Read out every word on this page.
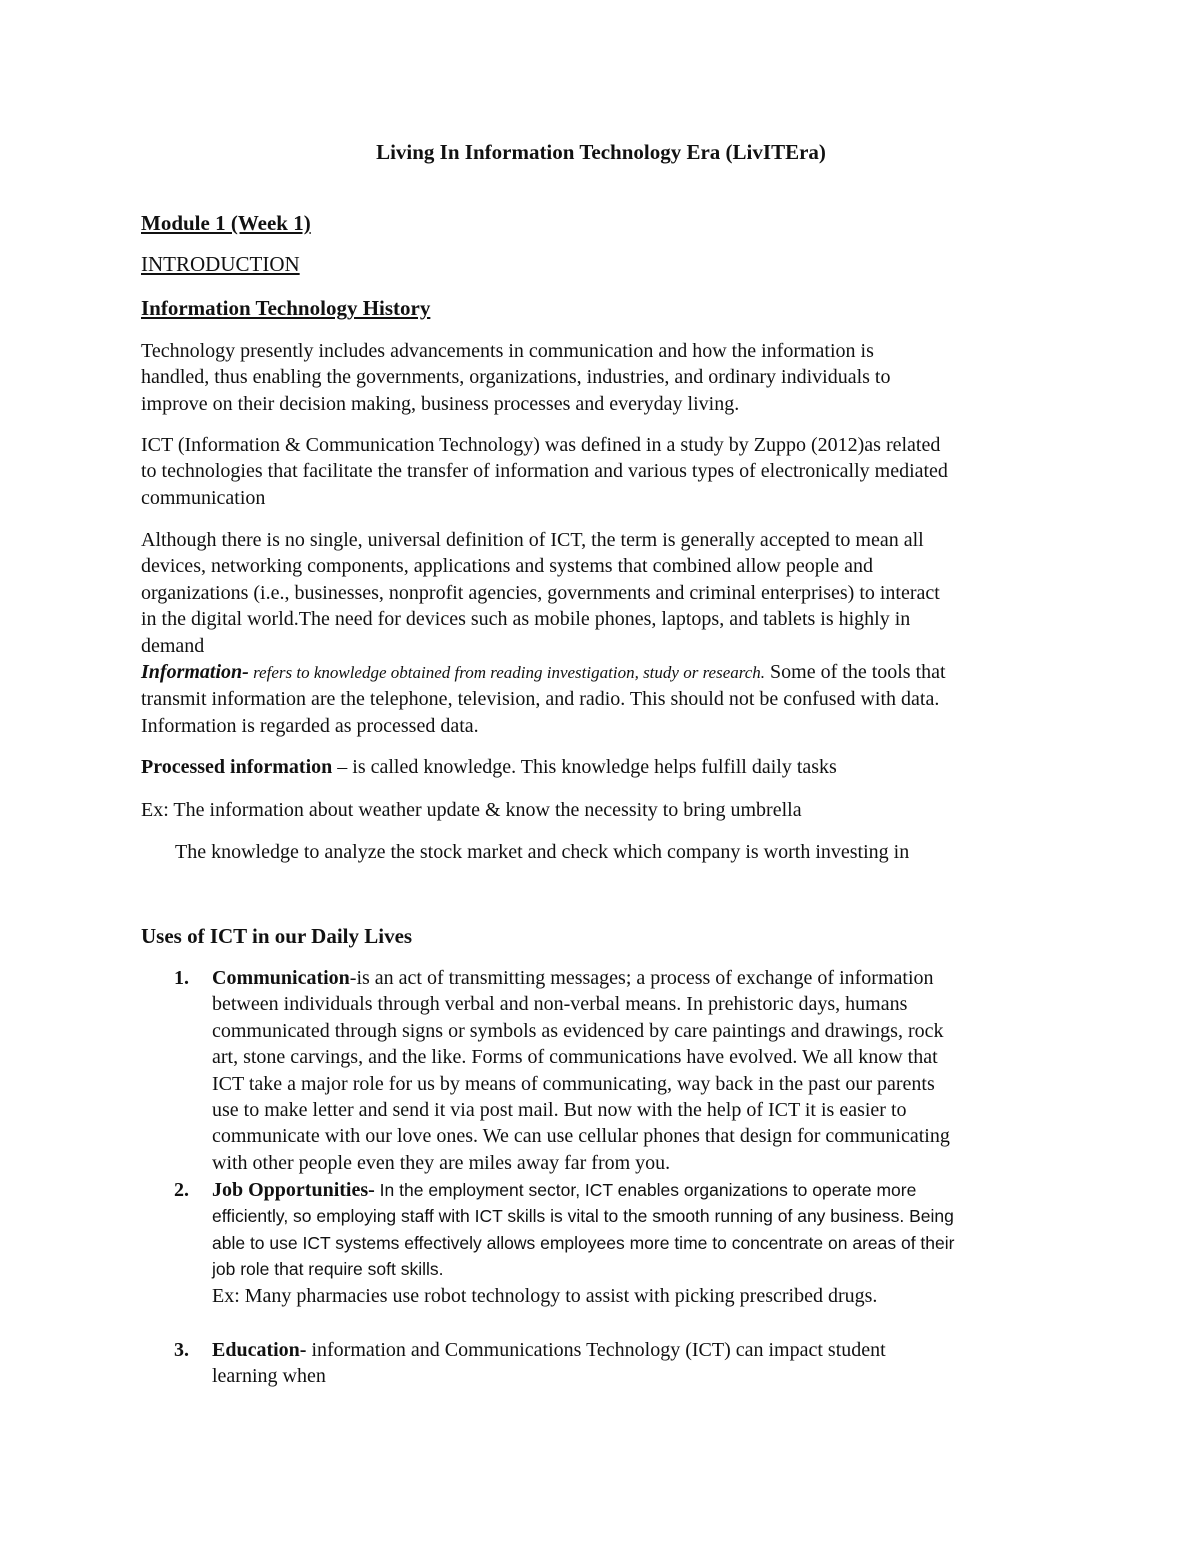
Living In Information Technology Era (LivITEra)
Module 1 (Week 1)
INTRODUCTION
Information Technology History
Technology presently includes advancements in communication and how the information is
handled, thus enabling the governments, organizations, industries, and ordinary individuals to
improve on their decision making, business processes and everyday living.
ICT (Information & Communication Technology) was defined in a study by Zuppo (2012)as related
to technologies that facilitate the transfer of information and various types of electronically mediated
communication
Although there is no single, universal definition of ICT, the term is generally accepted to mean all
devices, networking components, applications and systems that combined allow people and
organizations (i.e., businesses, nonprofit agencies, governments and criminal enterprises) to interact
in the digital world.The need for devices such as mobile phones, laptops, and tablets is highly in
demand
Information- refers to knowledge obtained from reading investigation, study or research. Some of the tools that
transmit information are the telephone, television, and radio. This should not be confused with data.
Information is regarded as processed data.
Processed information – is called knowledge. This knowledge helps fulfill daily tasks
Ex: The information about weather update & know the necessity to bring umbrella
The knowledge to analyze the stock market and check which company is worth investing in
Uses of ICT in our Daily Lives
1. Communication-is an act of transmitting messages; a process of exchange of information
between individuals through verbal and non-verbal means. In prehistoric days, humans
communicated through signs or symbols as evidenced by care paintings and drawings, rock
art, stone carvings, and the like. Forms of communications have evolved. We all know that
ICT take a major role for us by means of communicating, way back in the past our parents
use to make letter and send it via post mail. But now with the help of ICT it is easier to
communicate with our love ones. We can use cellular phones that design for communicating
with other people even they are miles away far from you.
2. Job Opportunities- In the employment sector, ICT enables organizations to operate more
efficiently, so employing staff with ICT skills is vital to the smooth running of any business. Being
able to use ICT systems effectively allows employees more time to concentrate on areas of their
job role that require soft skills.
Ex: Many pharmacies use robot technology to assist with picking prescribed drugs.
3. Education- information and Communications Technology (ICT) can impact student
learning when
